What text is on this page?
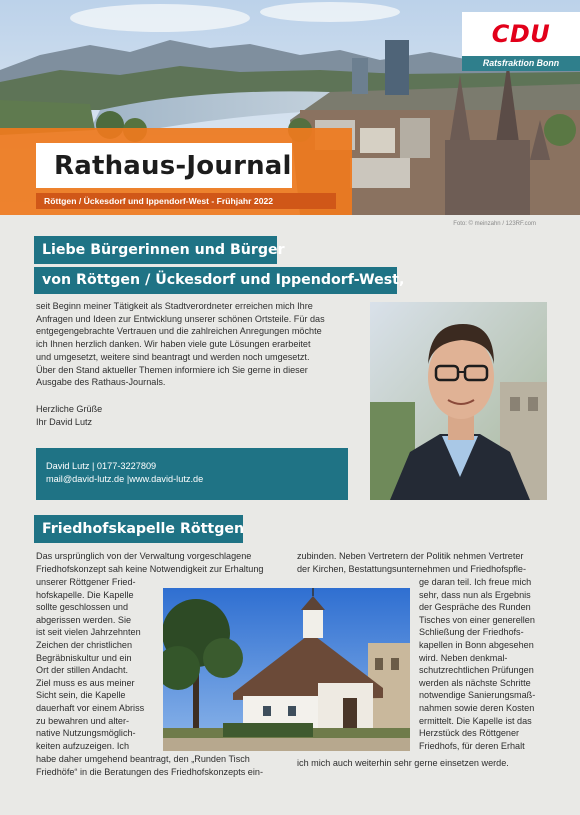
Rathaus-Journal
Röttgen / Ückesdorf und Ippendorf-West - Frühjahr 2022
CDU
Ratsfraktion Bonn
Foto: © meinzahn / 123RF.com
Liebe Bürgerinnen und Bürger
von Röttgen / Ückesdorf und Ippendorf-West,

seit Beginn meiner Tätigkeit als Stadtverordneter erreichen mich Ihre

Anfragen und Ideen zur Entwicklung unserer schönen Ortsteile. Für das

entgegengebrachte Vertrauen und die zahlreichen Anregungen möchte

ich Ihnen herzlich danken. Wir haben viele gute Lösungen erarbeitet

und umgesetzt, weitere sind beantragt und werden noch umgesetzt.

Über den Stand aktueller Themen informiere ich Sie gerne in dieser

Ausgabe des Rathaus-Journals.

Herzliche Grüße
Ihr David Lutz
David Lutz | 0177-3227809
mail@david-lutz.de |www.david-lutz.de
Friedhofskapelle Röttgen
Das ursprünglich von der Verwaltung vorgeschlagene
Friedhofskonzept sah keine Notwendigkeit zur Erhaltung
unserer Röttgener Fried-
hofskapelle. Die Kapelle
sollte geschlossen und
abgerissen werden. Sie
ist seit vielen Jahrzehnten
Zeichen der christlichen
Begräbniskultur und ein
Ort der stillen Andacht.
Ziel muss es aus meiner
Sicht sein, die Kapelle
dauerhaft vor einem Abriss
zu bewahren und alter-
native Nutzungsmöglich-
keiten aufzuzeigen. Ich
habe daher umgehend beantragt, den „Runden Tisch
Friedhöfe“ in die Beratungen des Friedhofskonzepts ein-
zubinden. Neben Vertretern der Politik nehmen Vertreter
der Kirchen, Bestattungsunternehmen und Friedhofspfle-
ge daran teil. Ich freue mich
sehr, dass nun als Ergebnis
der Gespräche des Runden
Tisches von einer generellen
Schließung der Friedhofs-
kapellen in Bonn abgesehen
wird. Neben denkmal-
schutzrechtlichen Prüfungen
werden als nächste Schritte
notwendige Sanierungsmaß-
nahmen sowie deren Kosten
ermittelt. Die Kapelle ist das
Herzstück des Röttgener
Friedhofs, für deren Erhalt
ich mich auch weiterhin sehr gerne einsetzen werde.
